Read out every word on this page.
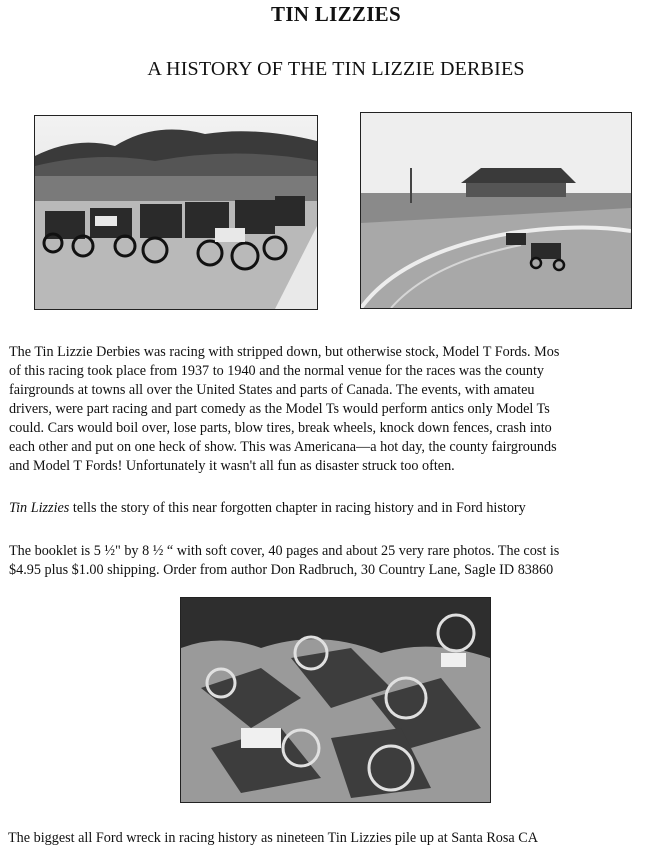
TIN LIZZIES
A HISTORY OF THE TIN LIZZIE DERBIES
The Tin Lizzie Derbies was racing with stripped down, but otherwise stock, Model T Fords. Mos
of this racing took place from 1937 to 1940 and the normal venue for the races was the county
fairgrounds at towns all over the United States and parts of Canada. The events, with amateu
drivers, were part racing and part comedy as the Model Ts would perform antics only Model Ts
could. Cars would boil over, lose parts, blow tires, break wheels, knock down fences, crash into
each other and put on one heck of show. This was Americana—a hot day, the county fairgrounds
and Model T Fords! Unfortunately it wasn't all fun as disaster struck too often.
Tin Lizzies tells the story of this near forgotten chapter in racing history and in Ford history
The booklet is 5 ½" by 8 ½ “ with soft cover, 40 pages and about 25 very rare photos. The cost is
$4.95 plus $1.00 shipping. Order from author Don Radbruch, 30 Country Lane, Sagle ID 83860
The biggest all Ford wreck in racing history as nineteen Tin Lizzies pile up at Santa Rosa CA
